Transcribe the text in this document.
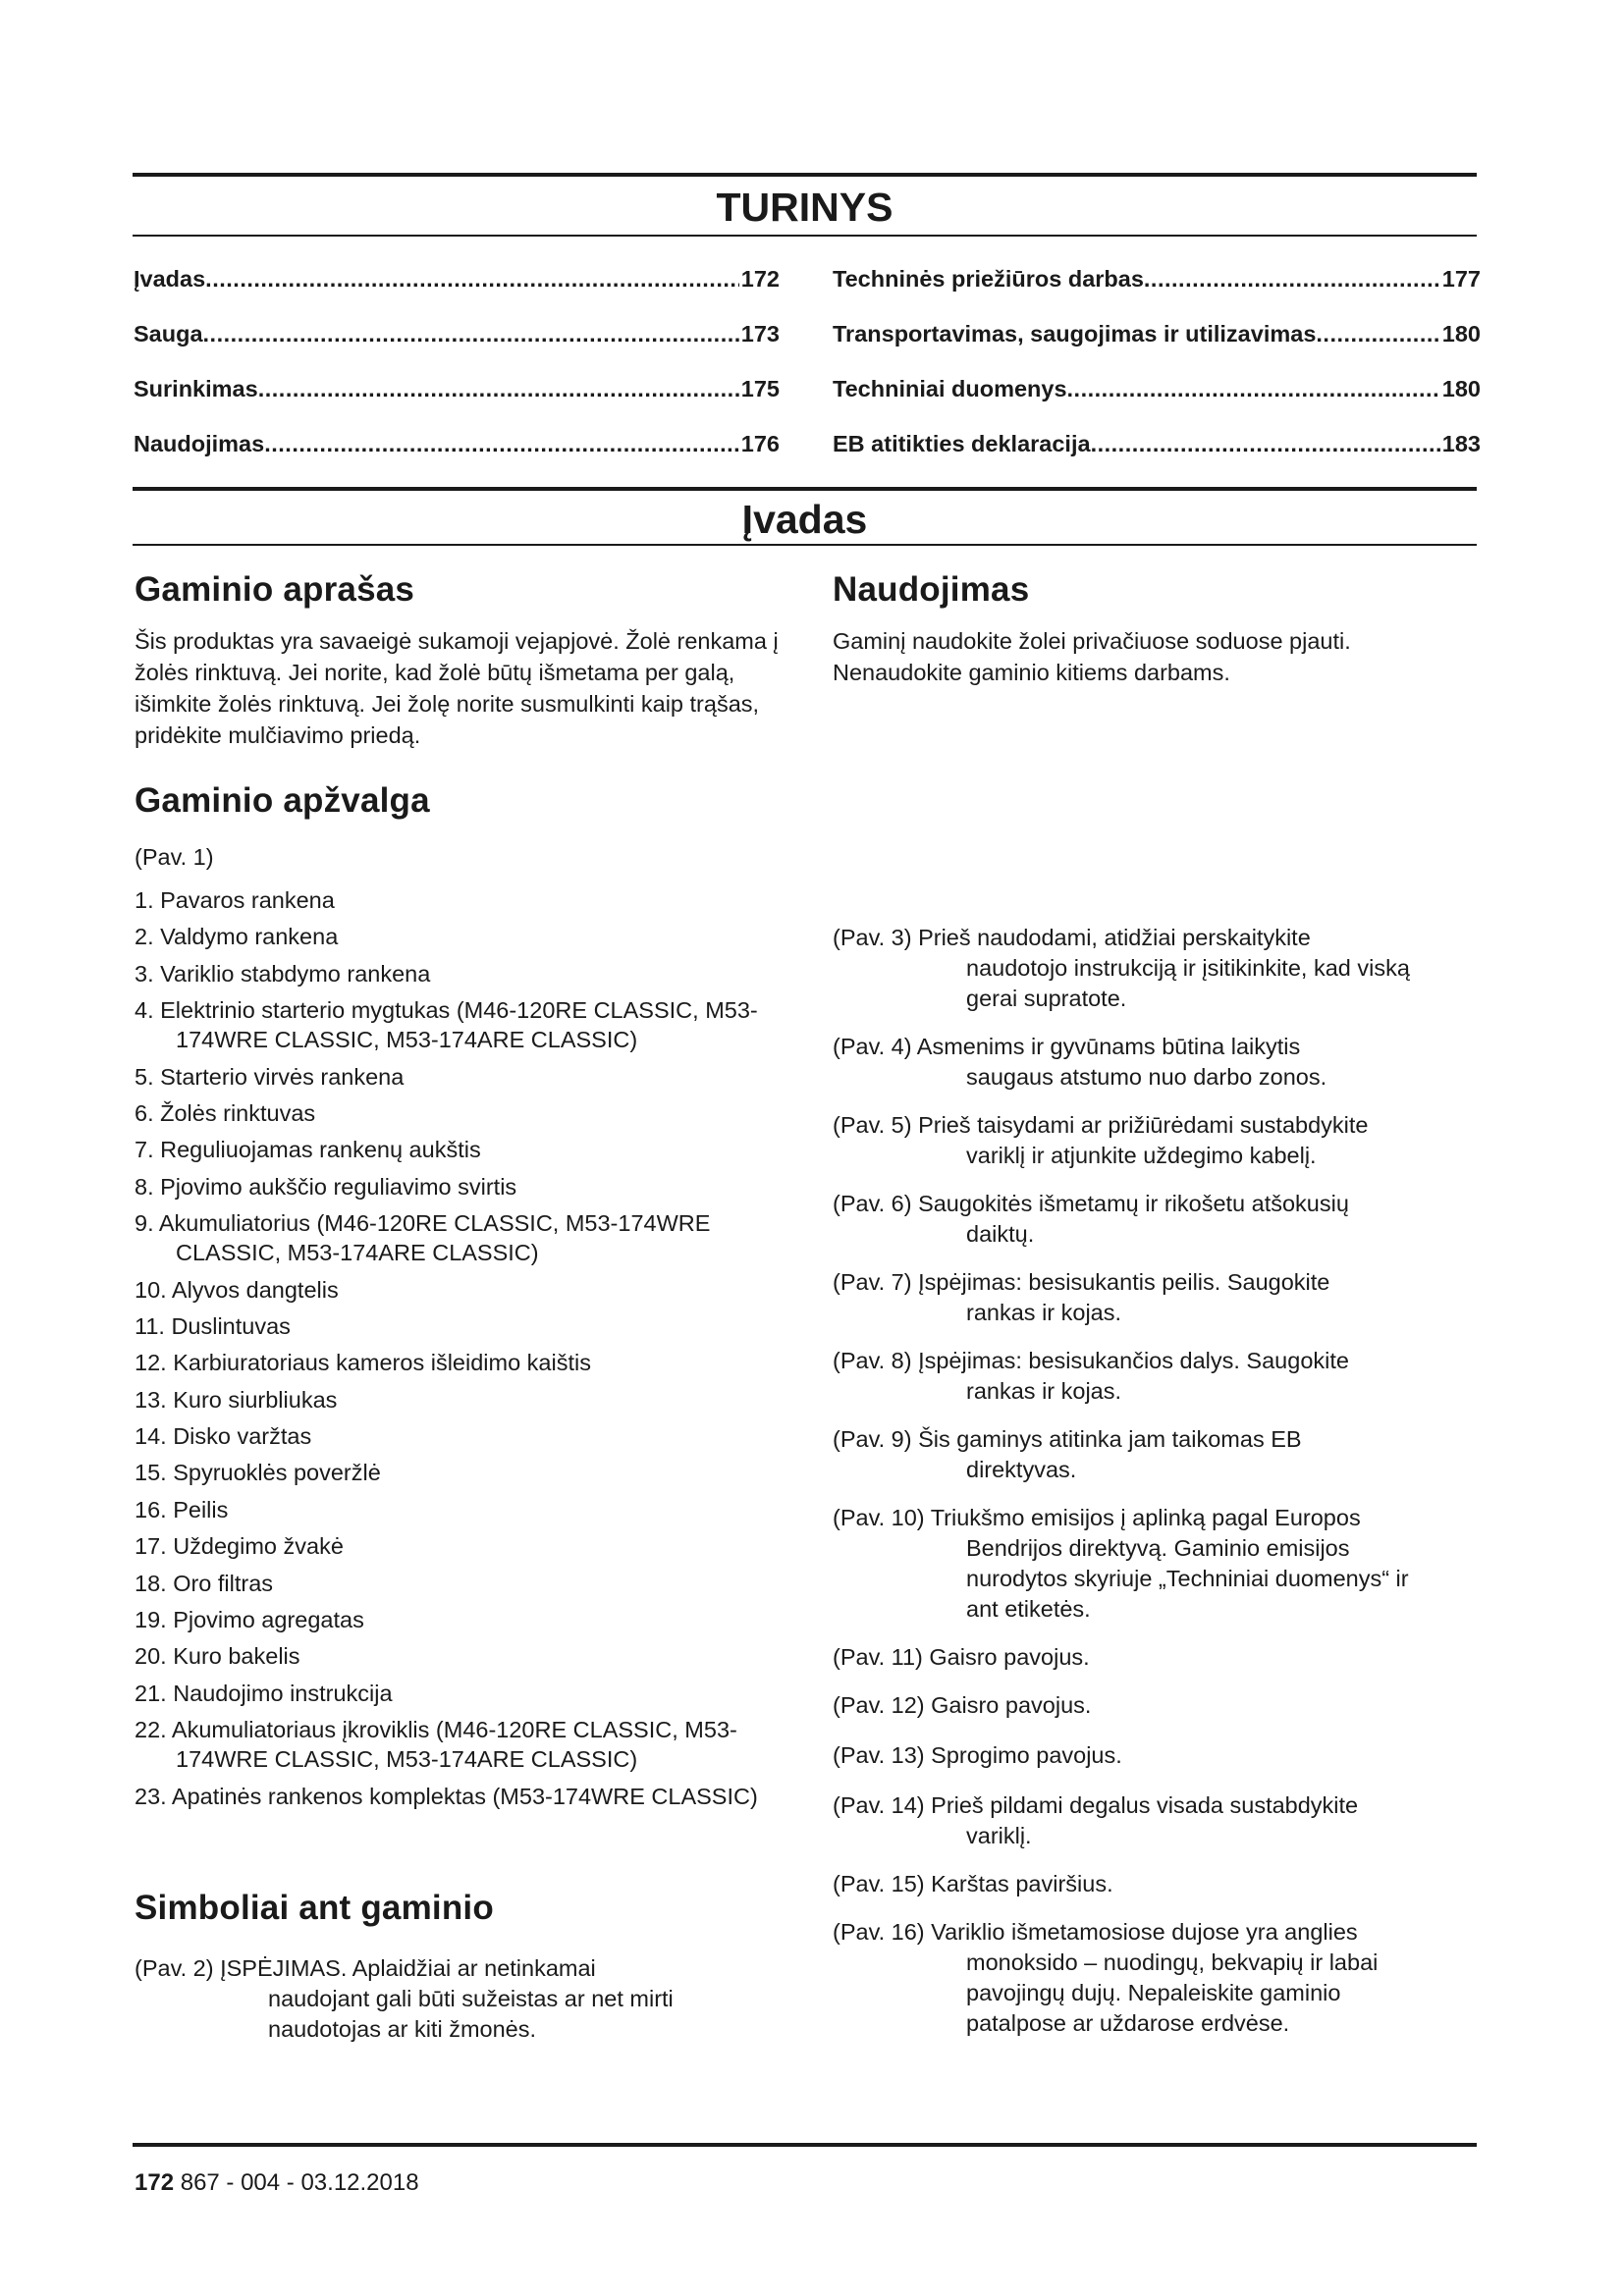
TURINYS
Įvadas .....	172
Sauga .....	173
Surinkimas .....	175
Naudojimas .....	176
Techninės priežiūros darbas .....	177
Transportavimas, saugojimas ir utilizavimas .....	180
Techniniai duomenys .....	180
EB atitikties deklaracija .....	183
Įvadas
Gaminio aprašas

Šis produktas yra savaeigė sukamoji vejapjovė. Žolė renkama į žolės rinktuvą. Jei norite, kad žolė būtų išmetama per galą, išimkite žolės rinktuvą. Jei žolę norite susmulkinti kaip trąšas, pridėkite mulčiavimo priedą.

Gaminio apžvalga

(Pav. 1)

1. Pavaros rankena
2. Valdymo rankena
3. Variklio stabdymo rankena
4. Elektrinio starterio mygtukas (M46-120RE CLASSIC, M53-174WRE CLASSIC, M53-174ARE CLASSIC)
5. Starterio virvės rankena
6. Žolės rinktuvas
7. Reguliuojamas rankenų aukštis
8. Pjovimo aukščio reguliavimo svirtis
9. Akumuliatorius (M46-120RE CLASSIC, M53-174WRE CLASSIC, M53-174ARE CLASSIC)
10. Alyvos dangtelis
11. Duslintuvas
12. Karbiuratoriaus kameros išleidimo kaištis
13. Kuro siurbliukas
14. Disko varžtas
15. Spyruoklės poveržlė
16. Peilis
17. Uždegimo žvakė
18. Oro filtras
19. Pjovimo agregatas
20. Kuro bakelis
21. Naudojimo instrukcija
22. Akumuliatoriaus įkroviklis (M46-120RE CLASSIC, M53-174WRE CLASSIC, M53-174ARE CLASSIC)
23. Apatinės rankenos komplektas (M53-174WRE CLASSIC)
Simboliai ant gaminio
(Pav. 2) ĮSPĖJIMAS. Aplaidžiai ar netinkamai
naudojant gali būti sužeistas ar net mirti
naudotojas ar kiti žmonės.
Naudojimas

Gaminį naudokite žolei privačiuose soduose pjauti. Nenaudokite gaminio kitiems darbams.

(Pav. 3) Prieš naudodami, atidžiai perskaitykite
naudotojo instrukciją ir įsitikinkite, kad viską
gerai supratote.
(Pav. 4) Asmenims ir gyvūnams būtina laikytis
saugaus atstumo nuo darbo zonos.
(Pav. 5) Prieš taisydami ar prižiūrėdami sustabdykite
variklį ir atjunkite uždegimo kabelį.
(Pav. 6) Saugokitės išmetamų ir rikošetu atšokusių
daiktų.
(Pav. 7) Įspėjimas: besisukantis peilis. Saugokite
rankas ir kojas.
(Pav. 8) Įspėjimas: besisukančios dalys. Saugokite
rankas ir kojas.
(Pav. 9) Šis gaminys atitinka jam taikomas EB
direktyvas.
(Pav. 10) Triukšmo emisijos į aplinką pagal Europos
Bendrijos direktyvą. Gaminio emisijos
nurodytos skyriuje „Techniniai duomenys“ ir
ant etiketės.
(Pav. 11) Gaisro pavojus.
(Pav. 12) Gaisro pavojus.
(Pav. 13) Sprogimo pavojus.
(Pav. 14) Prieš pildami degalus visada sustabdykite
variklį.
(Pav. 15) Karštas paviršius.
(Pav. 16) Variklio išmetamosiose dujose yra anglies
monoksido – nuodingų, bekvapių ir labai
pavojingų dujų. Nepaleiskite gaminio
patalpose ar uždarose erdvėse.
172 867 - 004 - 03.12.2018
